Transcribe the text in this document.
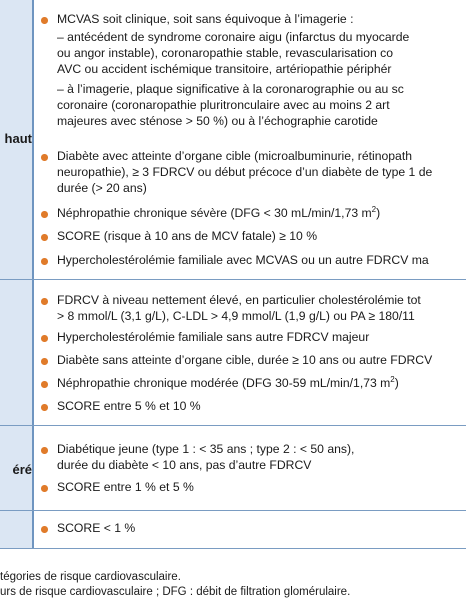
haut
MCVAS soit clinique, soit sans équivoque à l’imagerie :
– antécédent de syndrome coronaire aigu (infarctus du myocarde
ou angor instable), coronaropathie stable, revascularisation co
AVC ou accident ischémique transitoire, artériopathie périphér
– à l’imagerie, plaque significative à la coronarographie ou au sc
coronaire (coronaropathie pluritronculaire avec au moins 2 art
majeures avec sténose > 50 %) ou à l’échographie carotide
Diabète avec atteinte d’organe cible (microalbuminurie, rétinopath
neuropathie), ≥ 3 FDRCV ou début précoce d’un diabète de type 1 de
durée (> 20 ans)
Néphropathie chronique sévère (DFG < 30 mL/min/1,73 $m^2$)
SCORE (risque à 10 ans de MCV fatale) ≥ 10 %
Hypercholestérolémie familiale avec MCVAS ou un autre FDRCV ma
FDRCV à niveau nettement élevé, en particulier cholestérolémie tot
> 8 mmol/L (3,1 g/L), C-LDL > 4,9 mmol/L (1,9 g/L) ou PA ≥ 180/11
Hypercholestérolémie familiale sans autre FDRCV majeur
Diabète sans atteinte d’organe cible, durée ≥ 10 ans ou autre FDRCV
Néphropathie chronique modérée (DFG 30-59 mL/min/1,73 $m^2$)
SCORE entre 5 % et 10 %
éré
Diabétique jeune (type 1 : < 35 ans ; type 2 : < 50 ans),
durée du diabète < 10 ans, pas d’autre FDRCV
SCORE entre 1 % et 5 %
SCORE < 1 %
tégories de risque cardiovasculaire.
urs de risque cardiovasculaire ; DFG : débit de filtration glomérulaire.
